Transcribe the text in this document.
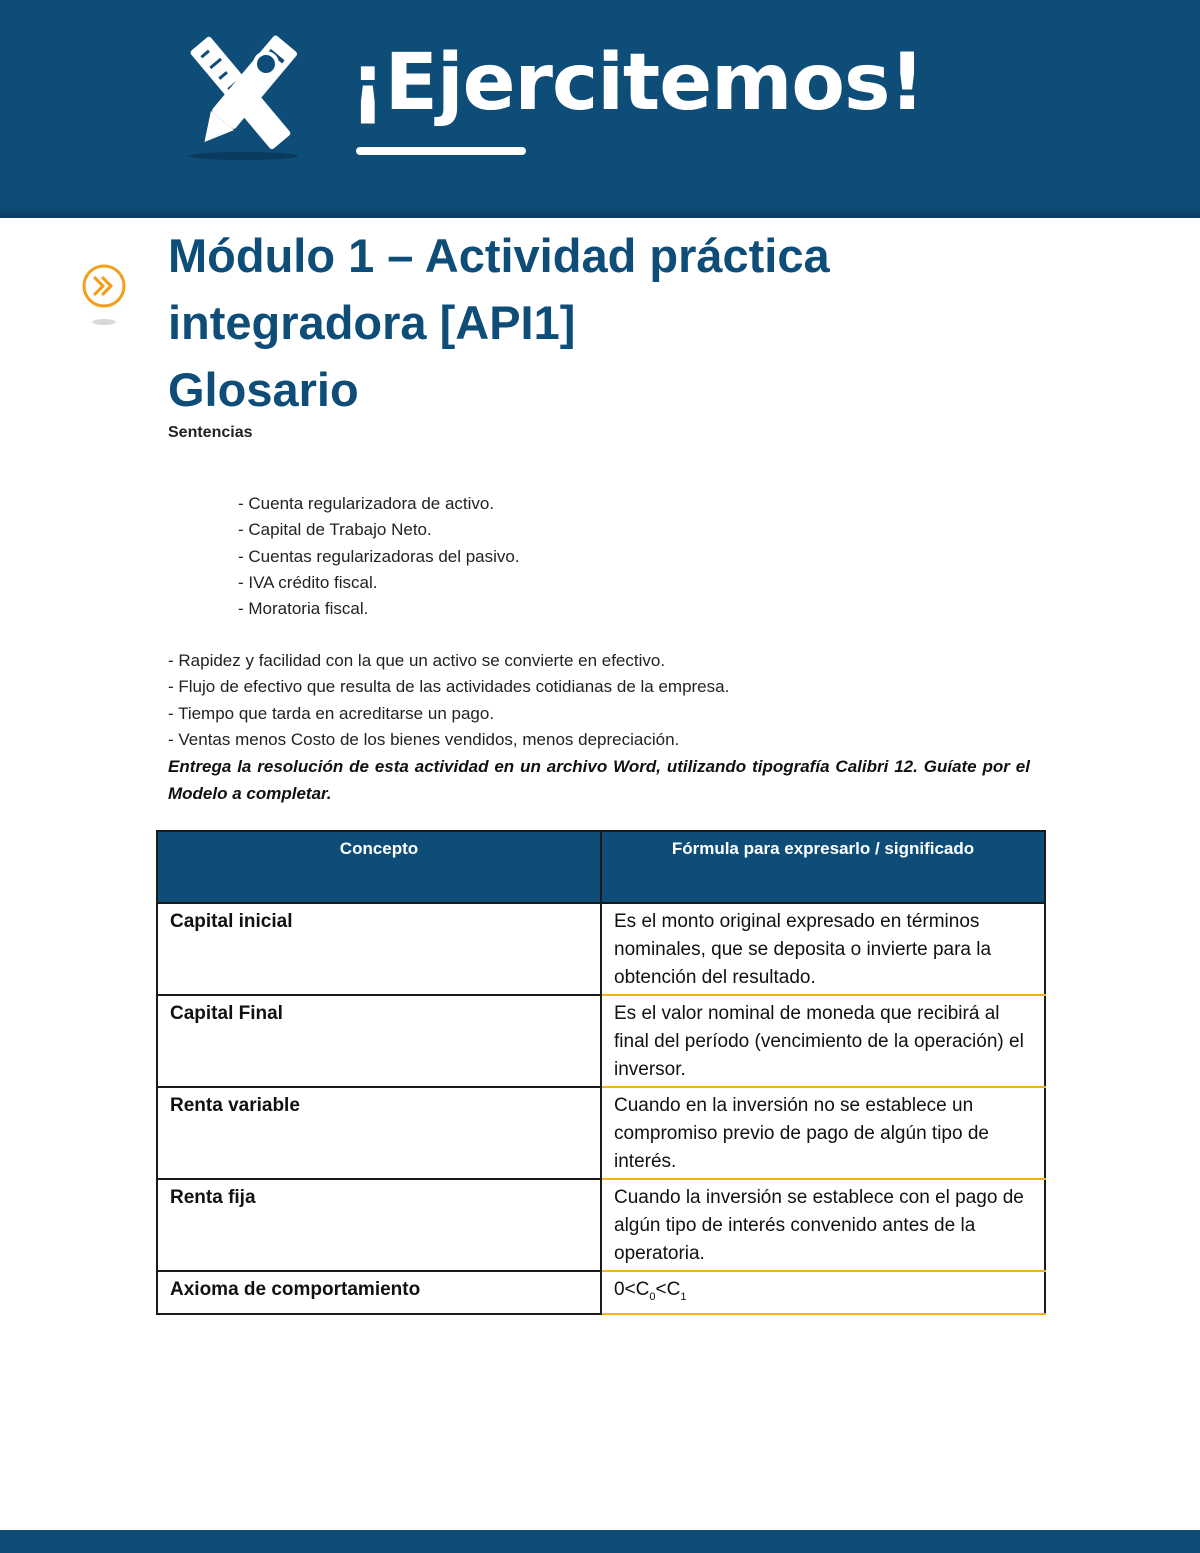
¡Ejercitemos!
Módulo 1 – Actividad práctica
integradora [API1]
Glosario

Sentencias

- Cuenta regularizadora de activo.
- Capital de Trabajo Neto.
- Cuentas regularizadoras del pasivo.
- IVA crédito fiscal.
- Moratoria fiscal.
- Rapidez y facilidad con la que un activo se convierte en efectivo.
- Flujo de efectivo que resulta de las actividades cotidianas de la empresa.
- Tiempo que tarda en acreditarse un pago.
- Ventas menos Costo de los bienes vendidos, menos depreciación.

Entrega la resolución de esta actividad en un archivo Word, utilizando tipografía Calibri 12. Guíate por el Modelo a completar.

Concepto	Fórmula para expresarlo / significado
Capital inicial	Es el monto original expresado en términos nominales, que se deposita o invierte para la obtención del resultado.
Capital Final	Es el valor nominal de moneda que recibirá al final del período (vencimiento de la operación) el inversor.
Renta variable	Cuando en la inversión no se establece un compromiso previo de pago de algún tipo de interés.
Renta fija	Cuando la inversión se establece con el pago de algún tipo de interés convenido antes de la operatoria.
Axioma de comportamiento	$0<C_0<C_1$
